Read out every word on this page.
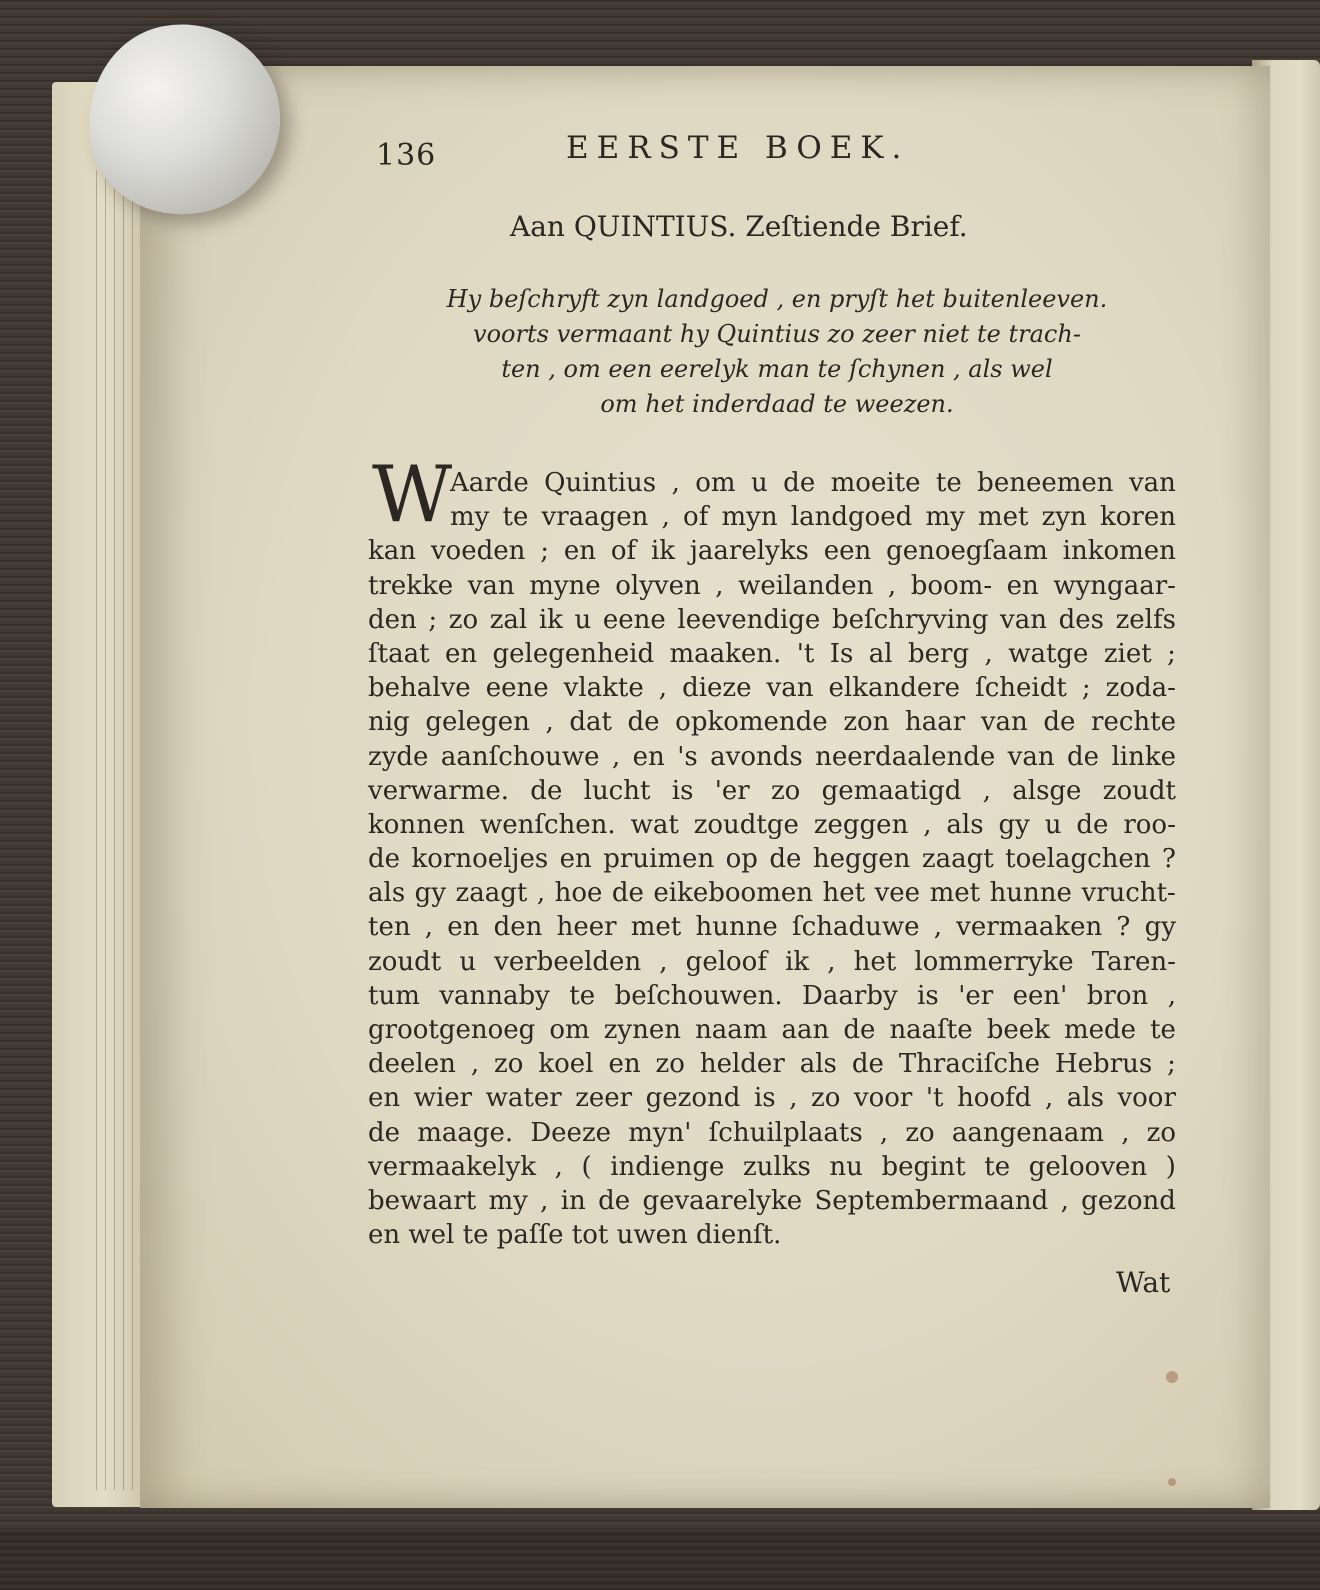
136	EERSTE BOEK.
Aan QUINTIUS. Zeſtiende Brief.
Hy beſchryft zyn landgoed , en pryſt het buitenleeven.
voorts vermaant hy Quintius zo zeer niet te trach-
ten , om een eerelyk man te ſchynen , als wel
om het inderdaad te weezen.
W
Aarde Quintius , om u de moeite te beneemen van
my te vraagen , of myn landgoed my met zyn koren
kan voeden ; en of ik jaarelyks een genoegſaam inkomen
trekke van myne olyven , weilanden , boom- en wyngaar-
den ; zo zal ik u eene leevendige beſchryving van des zelfs
ſtaat en gelegenheid maaken. 't Is al berg , watge ziet ;
behalve eene vlakte , dieze van elkandere ſcheidt ; zoda-
nig gelegen , dat de opkomende zon haar van de rechte
zyde aanſchouwe , en 's avonds neerdaalende van de linke
verwarme. de lucht is 'er zo gemaatigd , alsge zoudt
konnen wenſchen. wat zoudtge zeggen , als gy u de roo-
de kornoeljes en pruimen op de heggen zaagt toelagchen ?
als gy zaagt , hoe de eikeboomen het vee met hunne vrucht-
ten , en den heer met hunne ſchaduwe , vermaaken ? gy
zoudt u verbeelden , geloof ik , het lommerryke Taren-
tum vannaby te beſchouwen. Daarby is 'er een' bron ,
grootgenoeg om zynen naam aan de naaſte beek mede te
deelen , zo koel en zo helder als de Thraciſche Hebrus ;
en wier water zeer gezond is , zo voor 't hoofd , als voor
de maage. Deeze myn' ſchuilplaats , zo aangenaam , zo
vermaakelyk , ( indienge zulks nu begint te gelooven )
bewaart my , in de gevaarelyke Septembermaand , gezond
en wel te paſſe tot uwen dienſt.
Wat
